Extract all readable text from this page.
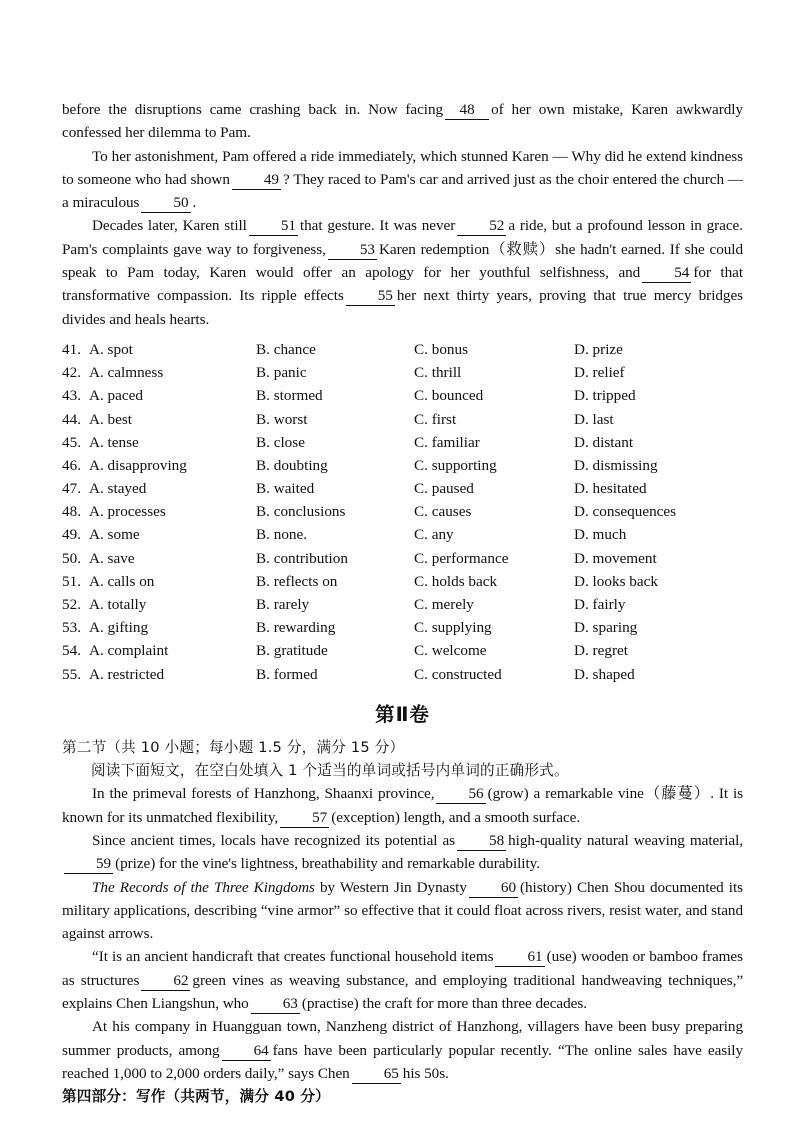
before the disruptions came crashing back in. Now facing 48 of her own mistake, Karen awkwardly confessed her dilemma to Pam.

To her astonishment, Pam offered a ride immediately, which stunned Karen — Why did he extend kindness to someone who had shown 49 ? They raced to Pam's car and arrived just as the choir entered the church — a miraculous 50 .

Decades later, Karen still 51 that gesture. It was never 52 a ride, but a profound lesson in grace. Pam's complaints gave way to forgiveness, 53 Karen redemption（救赎）she hadn't earned. If she could speak to Pam today, Karen would offer an apology for her youthful selfishness, and 54 for that transformative compassion. Its ripple effects 55 her next thirty years, proving that true mercy bridges divides and heals hearts.

41. A. spot	B. chance	C. bonus	D. prize
42. A. calmness	B. panic	C. thrill	D. relief
43. A. paced	B. stormed	C. bounced	D. tripped
44. A. best	B. worst	C. first	D. last
45. A. tense	B. close	C. familiar	D. distant
46. A. disapproving	B. doubting	C. supporting	D. dismissing
47. A. stayed	B. waited	C. paused	D. hesitated
48. A. processes	B. conclusions	C. causes	D. consequences
49. A. some	B. none.	C. any	D. much
50. A. save	B. contribution	C. performance	D. movement
51. A. calls on	B. reflects on	C. holds back	D. looks back
52. A. totally	B. rarely	C. merely	D. fairly
53. A. gifting	B. rewarding	C. supplying	D. sparing
54. A. complaint	B. gratitude	C. welcome	D. regret
55. A. restricted	B. formed	C. constructed	D. shaped
第Ⅱ卷

第二节（共 10 小题；每小题 1.5 分，满分 15 分）

阅读下面短文，在空白处填入 1 个适当的单词或括号内单词的正确形式。

In the primeval forests of Hanzhong, Shaanxi province, 56 (grow) a remarkable vine（藤蔓）. It is known for its unmatched flexibility, 57 (exception) length, and a smooth surface.

Since ancient times, locals have recognized its potential as 58 high-quality natural weaving material,59 (prize) for the vine's lightness, breathability and remarkable durability.

The Records of the Three Kingdoms by Western Jin Dynasty 60 (history) Chen Shou documented its military applications, describing “vine armor” so effective that it could float across rivers, resist water, and stand against arrows.

“It is an ancient handicraft that creates functional household items 61 (use) wooden or bamboo frames as structures 62 green vines as weaving substance, and employing traditional handweaving techniques,” explains Chen Liangshun, who 63 (practise) the craft for more than three decades.

At his company in Huangguan town, Nanzheng district of Hanzhong, villagers have been busy preparing summer products, among 64 fans have been particularly popular recently. “The online sales have easily reached 1,000 to 2,000 orders daily,” says Chen 65 his 50s.

第四部分：写作（共两节，满分 40 分）
